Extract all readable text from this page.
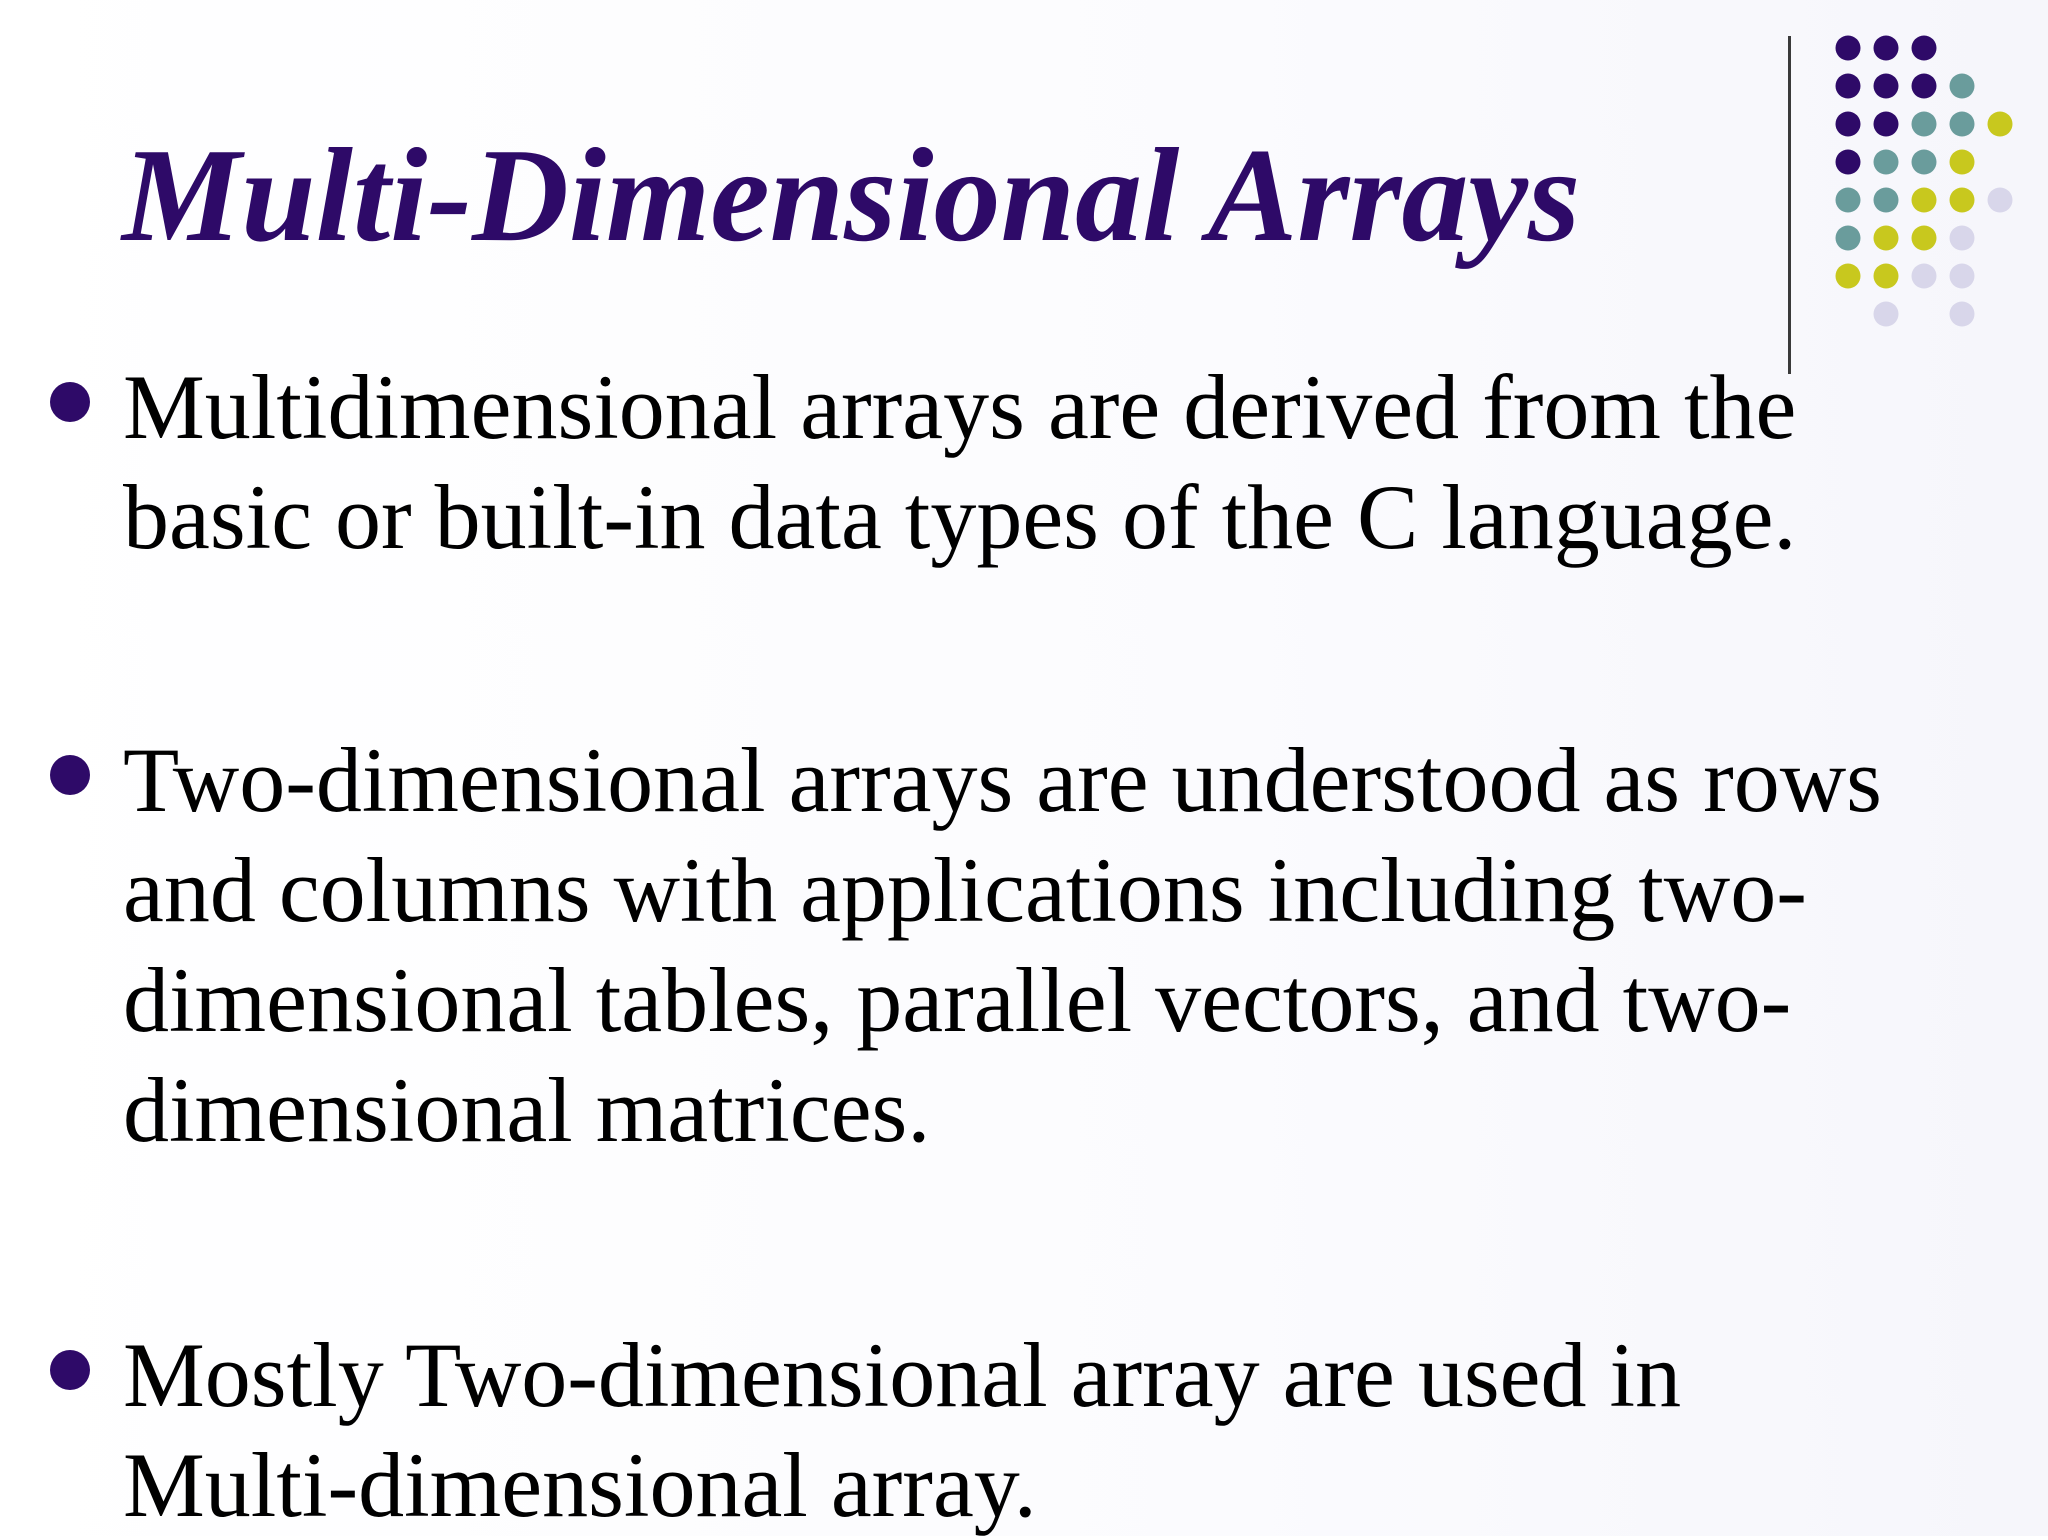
Multi-Dimensional Arrays
Multidimensional arrays are derived from the
basic or built-in data types of the C language.
Two-dimensional arrays are understood as rows
and columns with applications including two-
dimensional tables, parallel vectors, and two-
dimensional matrices.
Mostly Two-dimensional array are used in
Multi-dimensional array.
